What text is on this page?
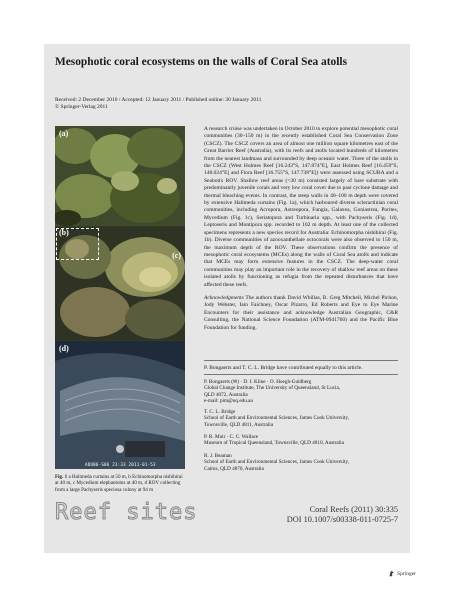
Mesophotic coral ecosystems on the walls of Coral Sea atolls
Received: 2 December 2010 / Accepted: 12 January 2011 / Published online: 30 January 2011
© Springer-Verlag 2011
(a)
(b)
(c)
(d)
ADU06-S06 23:33 2011-01-53
Fig. 1 a Halimeda curtains at 50 m, b Echinomorpha nishihirai at 40 m, c Mycedium elephantotus at 40 m, d ROV collecting from a large Pachyseris speciosa colony at 94 m

A research cruise was undertaken in October 2010 to explore potential mesophotic coral communities (30–150 m) in the recently established Coral Sea Conservation Zone (CSCZ). The CSCZ covers an area of almost one million square kilometres east of the Great Barrier Reef (Australia), with its reefs and atolls located hundreds of kilometres from the nearest landmass and surrounded by deep oceanic water. Three of the atolls in the CSCZ (West Holmes Reef [16.243°S, 147.874°E], East Holmes Reef [16.459°S, 148.024°E] and Flora Reef [16.755°S, 147.738°E]) were assessed using SCUBA and a Seabotix ROV. Shallow reef areas (<30 m) consisted largely of bare substrate with predominantly juvenile corals and very low coral cover due to past cyclone damage and thermal bleaching events. In contrast, the steep walls in 40–100 m depth were covered by extensive Halimeda curtains (Fig. 1a), which harboured diverse scleractinian coral communities, including Acropora, Astreopora, Fungia, Galaxea, Goniastrea, Porites, Mycedium (Fig. 1c), Seriatopora and Turbinaria spp., with Pachyseris (Fig. 1d), Leptoseris and Montipora spp. recorded to 102 m depth. At least one of the collected specimens represents a new species record for Australia: Echinomorpha nishihirai (Fig. 1b). Diverse communities of azooxanthellate octocorals were also observed to 150 m, the maximum depth of the ROV. These observations confirm the presence of mesophotic coral ecosystems (MCEs) along the walls of Coral Sea atolls and indicate that MCEs may form extensive features in the CSCZ. The deep-water coral communities may play an important role in the recovery of shallow reef areas on these isolated atolls by functioning as refugia from the repeated disturbances that have affected these reefs.

Acknowledgments The authors thank David Whillas, B. Greg Mitchell, Michel Pichon, Jody Webster, Iain Faichney, Oscar Pizarro, Ed Roberts and Eye to Eye Marine Encounters for their assistance and acknowledge Australian Geographic, C&R Consulting, the National Science Foundation (ATM-0941760) and the Pacific Blue Foundation for funding.

P. Bongaerts and T. C. L. Bridge have contributed equally to this article.
P. Bongaerts (✉) · D. I. Kline · O. Hoegh-Guldberg
Global Change Institute, The University of Queensland, St Lucia,
QLD 4072, Australia
e-mail: pim@uq.edu.au
T. C. L. Bridge
School of Earth and Environmental Sciences, James Cook University,
Townsville, QLD 4811, Australia
P. R. Muir · C. C. Wallace
Museum of Tropical Queensland, Townsville, QLD 4810, Australia
R. J. Beaman
School of Earth and Environmental Sciences, James Cook University,
Cairns, QLD 4870, Australia
Reef sites	Coral Reefs (2011) 30:335
DOI 10.1007/s00338-011-0725-7
Springer
